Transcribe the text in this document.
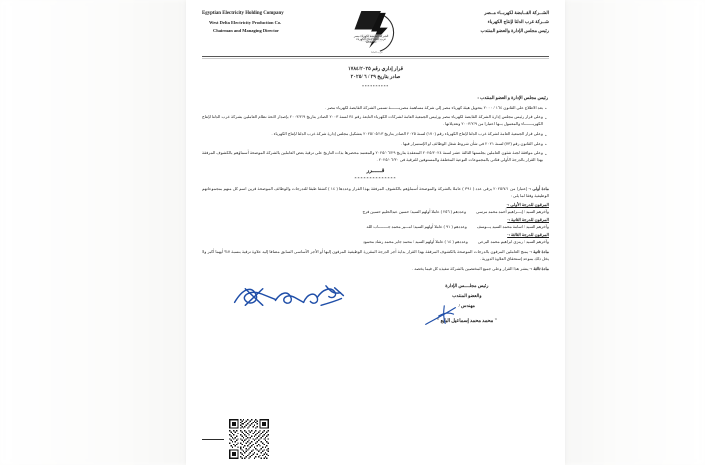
الشــركة القــابضة لكهربــاء مــصر
شــركة غرب الدلتا لإنتاج الكهرباء
رئيس مجلس الإدارة والعضو المنتدب
الشركة القابضة لكهرباء مصر
غرب الدلتا لإنتاج الكهرباء
WDEPC
غرب الدلتا
Egyptian Electricity Holding Company
West Delta Electricity Production Co.
Chairman and Managing Director
قرار إداري رقم ١٧٨٤/٢٠٢٥
صادر بتاريخ ٢٩ / ٦ /٢٠٢٥
**********
رئيس مجلس الإدارة و العضو المنتدب :
●
بعد الاطلاع على القانون ١٦٤ / ٢٠٠٠ بتحويل هيئة كهرباء مصر إلى شركة مساهمة مصريـــــــة تسمى الشركة القابضة لكهرباء مصر .
●
وعلى قرار رئيس مجلس إدارة الشركة القابضة لكهرباء مصر ورئيس الجمعية العامة لشركات الكهرباء التابعة رقم ٣٤ لسنة ٢٠٠٣ الصادر بتاريخ ٢٠٠٣/٢/٩ بإصدار لائحة نظام العاملين بشركة غرب الدلتا لإنتاج الكهربـــــــاء والمعمول بــها اعتبارا من ٢٠٠٣/٢/٩ وتعديلاتها .
●
وعلى قرار الجمعية العامة لشركة غرب الدلتا لإنتاج الكهرباء رقم (١٧٠) لسنة ٢٠٢٥ الصادر بتاريخ ٢٠٢٥/٠٥/١٣ بتشكيل مجلس إدارة شركة غرب الدلتا لإنتاج الكهرباء .
●
وعلى القانون رقم (٧٣) لسنة ٢٠٢١ فى شأن شروط شغل الوظائف او الإستمرار فيها .
●
وعلى موافقة لجنة شئون العاملين بجلستها الثالثة عشر لسنة ٢٠٢٥/٢٠٢٤ المنعقدة بتاريخ ٢٠٢٥/٠٦/٢٩ والمعتمد محضرها بذات التاريخ على ترقية بعض العاملين بالشركة الموضحة أسماؤهم بالكشوف المرفقة بهذا القرار بالدرجة الأولى فئاتى بالمجموعات النوعية المختلفة والمستوفين للترقية فى ٢٠٢٥/٠٦/٣٠ .
قــــــرر
**************
مادة أولى :- إعتبارا من ٢٠٢٥/٧/١ يرقى عدد ( ٣٩١ ) عاملا بالشركة والموضحة أسماؤهم بالكشوف المرفقة بهذا القرار وعددها ( ١٤ ) كشفا طبقا للتدرجات والوظائف الموضحة قرين اسم كل منهم بمجموعاتهم الوظيفية وفقا لما يلى :
المرقون للدرجة الأولى :-
وآخرهم السيد / إبـــراهيم أحمد محمد مرسى
وعددهم ( ٢٥٦ ) عاملا أولهم السيد/ حسين عبدالحليم حسين فرج
المرقون للدرجة الثانية :-
وآخرهم السيد / اسامة محمد السيد يـــوسف
وعددهم ( ٩١ ) عاملا أولهم السيد/ امـــير محمد جــــــــاب الله
المرقون للدرجة الثالثة :-
وآخرهم السيد / رمزى ابراهيم محمد البرعى
وعددهم ( ١٤ ) عاملا أولهم السيد / محمد جابر محمد رشاد محمود
مادة ثانية :- يمنح العاملين المرقون بالدرجات الموضحة بالكشوف المرفقة بهذا القرار بداية أجر الدرجة المقررة الوظيفية المرقون إليها أو الأجر الأساسى السابق مضافا إليه علاوة ترقية بنسبة ٧% أيهما أكبر ولا يخل ذلك بموعد إستحقاق العلاوة الدورية .
مادة ثالثة :- ينشر هذا القرار وعلى جميع المختصين بالشركة تنفيذه كل فيما يخصه .
رئيس مجلــــس الإدارة
والعضو المنتدب
مهندس /
" محمد محمد إسماعيل البايع "
